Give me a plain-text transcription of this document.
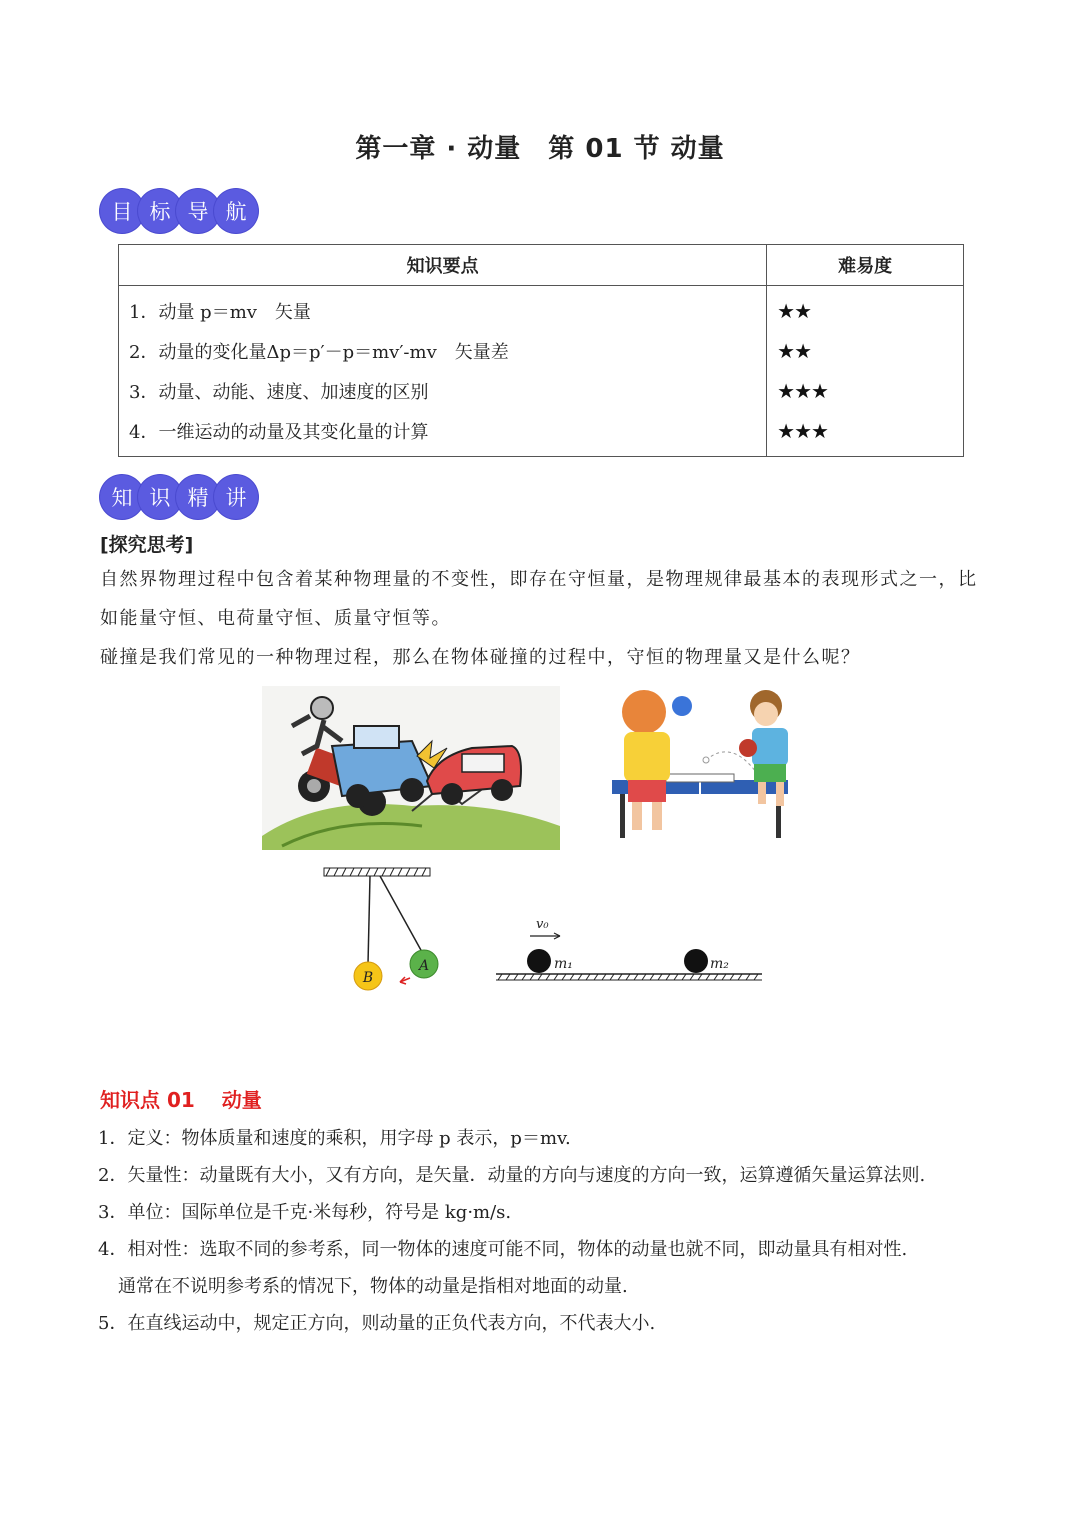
第一章 · 动量　第 01 节 动量
目 标 导 航
知识要点	难易度
1．动量 p＝mv　矢量	★★
2．动量的变化量Δp＝p′－p＝mv′-mv　矢量差	★★
3．动量、动能、速度、加速度的区别	★★★
4．一维运动的动量及其变化量的计算	★★★
知 识 精 讲
[探究思考]
自然界物理过程中包含着某种物理量的不变性，即存在守恒量，是物理规律最基本的表现形式之一，比如能量守恒、电荷量守恒、质量守恒等。
碰撞是我们常见的一种物理过程，那么在物体碰撞的过程中，守恒的物理量又是什么呢？
B
A
v₀
m₁	m₂
知识点 01　 动量
1．定义：物体质量和速度的乘积，用字母 p 表示，p＝mv.
2．矢量性：动量既有大小，又有方向，是矢量．动量的方向与速度的方向一致，运算遵循矢量运算法则.
3．单位：国际单位是千克·米每秒，符号是 kg·m/s.
4．相对性：选取不同的参考系，同一物体的速度可能不同，物体的动量也就不同，即动量具有相对性.
通常在不说明参考系的情况下，物体的动量是指相对地面的动量.
5．在直线运动中，规定正方向，则动量的正负代表方向，不代表大小.
